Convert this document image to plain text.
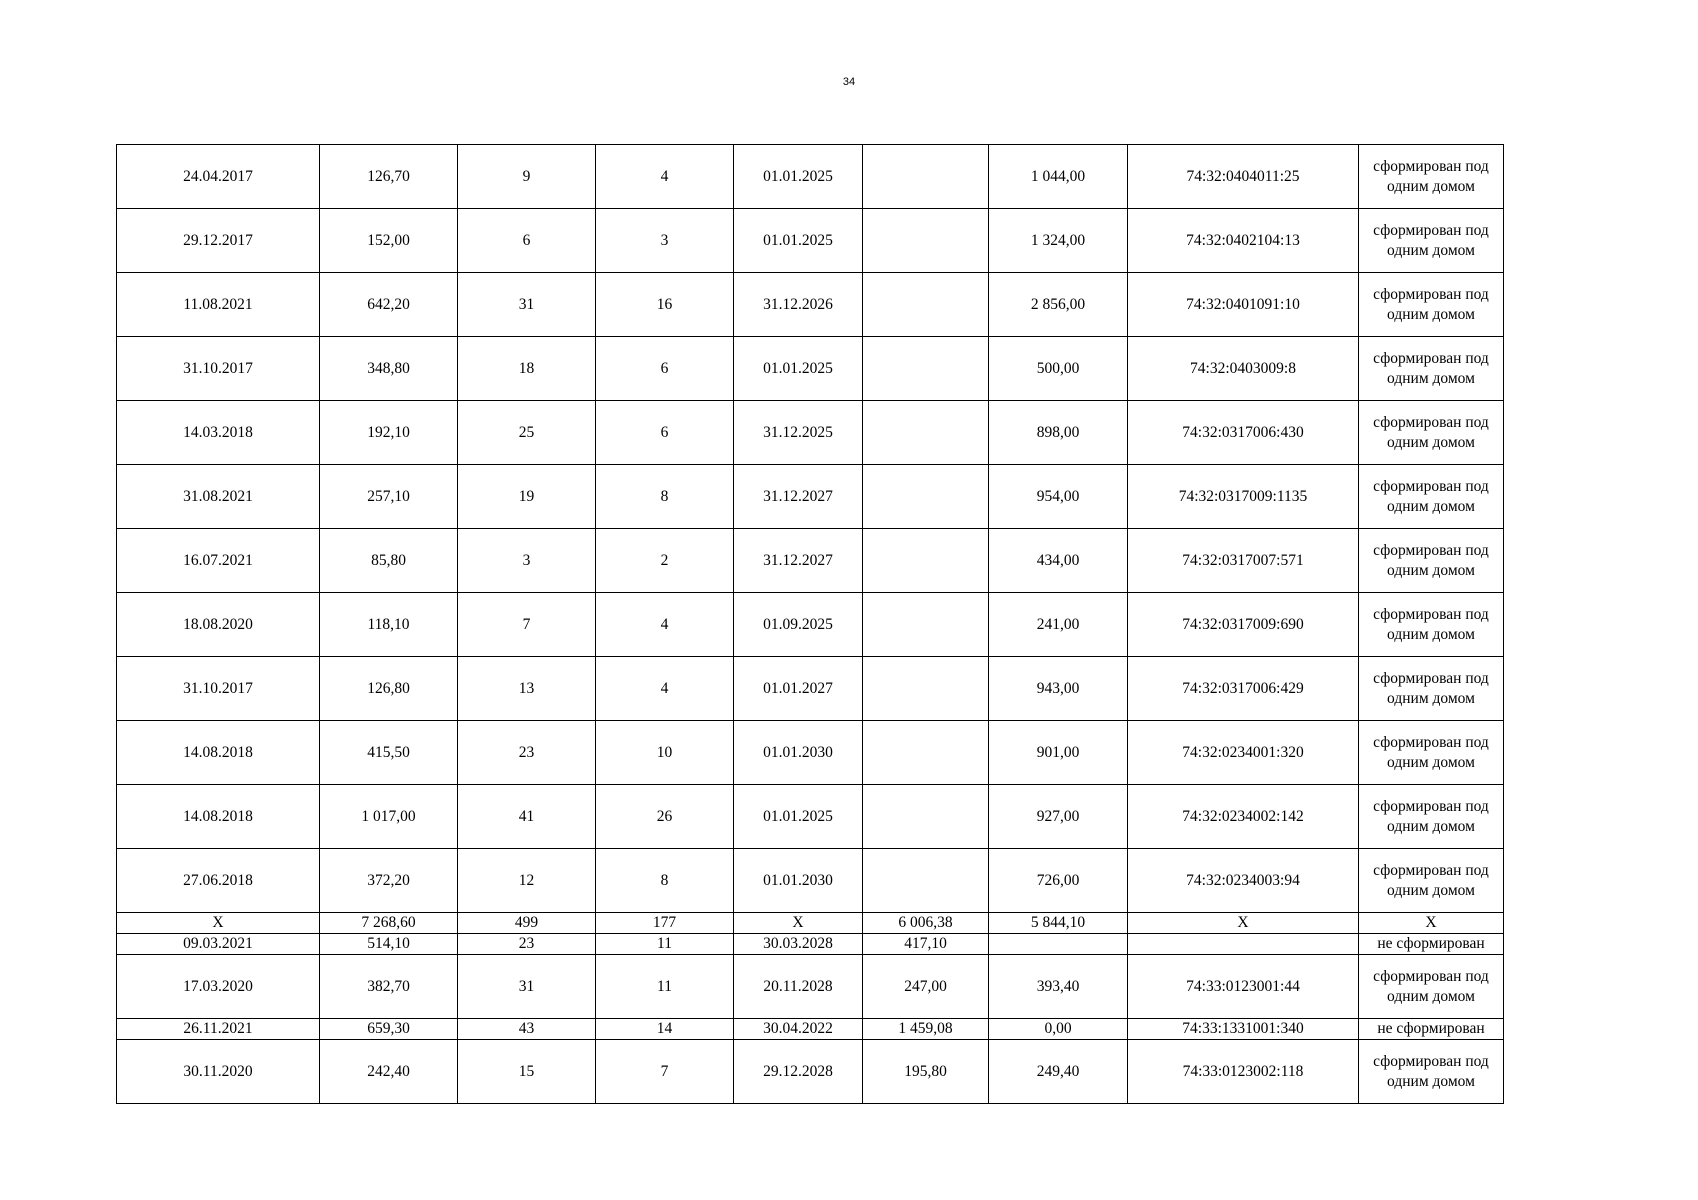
34
24.04.2017	126,70	9	4	01.01.2025		1 044,00	74:32:0404011:25	сформирован под одним домом
29.12.2017	152,00	6	3	01.01.2025		1 324,00	74:32:0402104:13	сформирован под одним домом
11.08.2021	642,20	31	16	31.12.2026		2 856,00	74:32:0401091:10	сформирован под одним домом
31.10.2017	348,80	18	6	01.01.2025		500,00	74:32:0403009:8	сформирован под одним домом
14.03.2018	192,10	25	6	31.12.2025		898,00	74:32:0317006:430	сформирован под одним домом
31.08.2021	257,10	19	8	31.12.2027		954,00	74:32:0317009:1135	сформирован под одним домом
16.07.2021	85,80	3	2	31.12.2027		434,00	74:32:0317007:571	сформирован под одним домом
18.08.2020	118,10	7	4	01.09.2025		241,00	74:32:0317009:690	сформирован под одним домом
31.10.2017	126,80	13	4	01.01.2027		943,00	74:32:0317006:429	сформирован под одним домом
14.08.2018	415,50	23	10	01.01.2030		901,00	74:32:0234001:320	сформирован под одним домом
14.08.2018	1 017,00	41	26	01.01.2025		927,00	74:32:0234002:142	сформирован под одним домом
27.06.2018	372,20	12	8	01.01.2030		726,00	74:32:0234003:94	сформирован под одним домом
X	7 268,60	499	177	X	6 006,38	5 844,10	X	X
09.03.2021	514,10	23	11	30.03.2028	417,10			не сформирован
17.03.2020	382,70	31	11	20.11.2028	247,00	393,40	74:33:0123001:44	сформирован под одним домом
26.11.2021	659,30	43	14	30.04.2022	1 459,08	0,00	74:33:1331001:340	не сформирован
30.11.2020	242,40	15	7	29.12.2028	195,80	249,40	74:33:0123002:118	сформирован под одним домом
